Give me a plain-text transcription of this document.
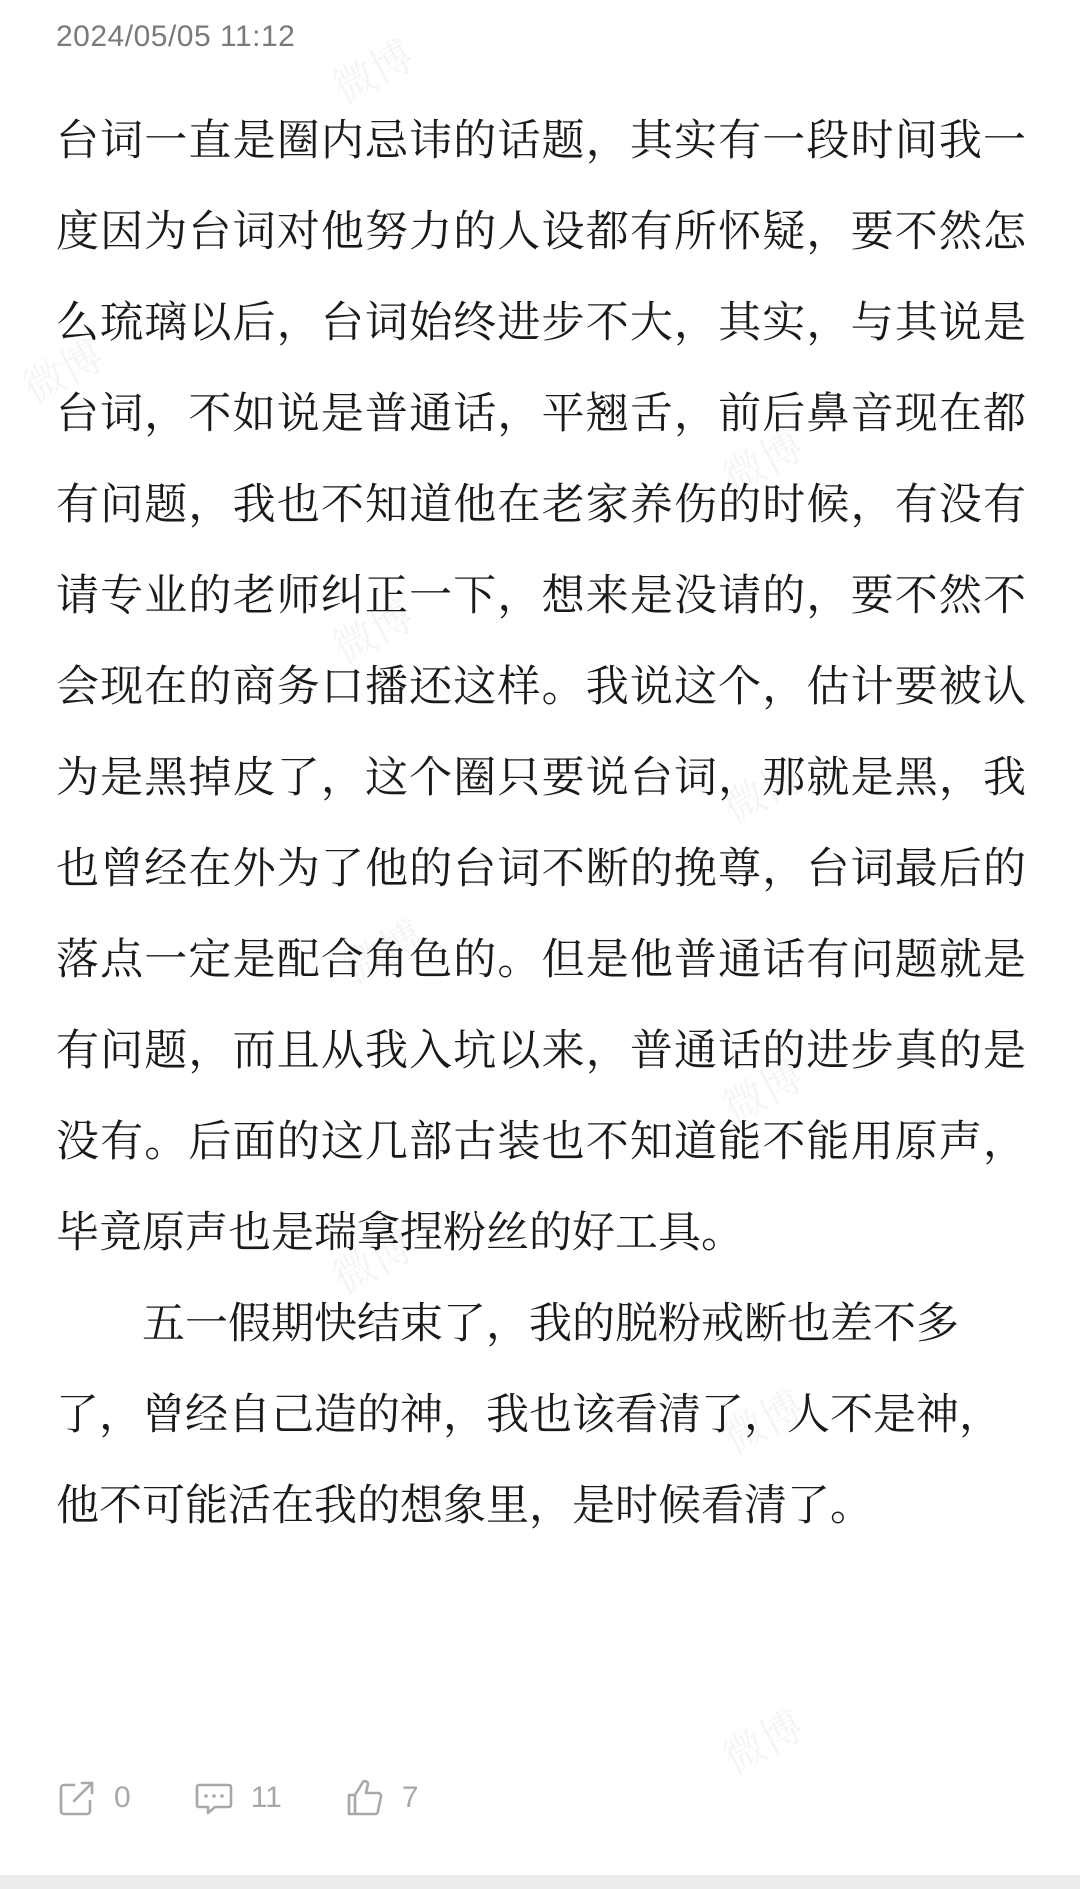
2024/05/05 11:12

台词一直是圈内忌讳的话题，其实有一段时间我一度因为台词对他努力的人设都有所怀疑，要不然怎么琉璃以后，台词始终进步不大，其实，与其说是台词，不如说是普通话，平翘舌，前后鼻音现在都有问题，我也不知道他在老家养伤的时候，有没有请专业的老师纠正一下，想来是没请的，要不然不会现在的商务口播还这样。我说这个，估计要被认为是黑掉皮了，这个圈只要说台词，那就是黑，我也曾经在外为了他的台词不断的挽尊，台词最后的落点一定是配合角色的。但是他普通话有问题就是有问题，而且从我入坑以来，普通话的进步真的是没有。后面的这几部古装也不知道能不能用原声，毕竟原声也是瑞拿捏粉丝的好工具。

五一假期快结束了，我的脱粉戒断也差不多了，曾经自己造的神，我也该看清了，人不是神，他不可能活在我的想象里，是时候看清了。

0	11	7
